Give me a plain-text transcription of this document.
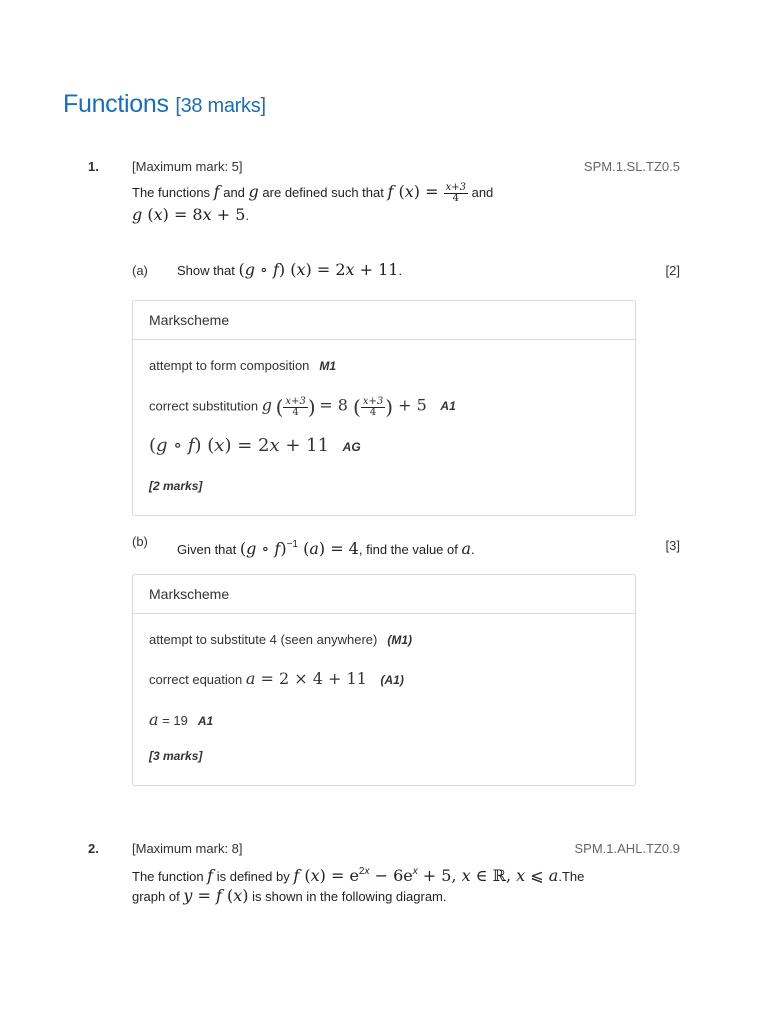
Functions [38 marks]
1.	[Maximum mark: 5]	SPM.1.SL.TZ0.5
The functions f and g are defined such that f $(x) = \frac{x+3}{4}$ and
g (x) = 8x + 5.
(a) Show that (g ∘ f) (x) = 2x + 11.	[2]
Markscheme
attempt to form composition M1
correct substitution g ( $\frac{x+3}{4}$ ) = 8 ( $\frac{x+3}{4}$ ) + 5 A1
(g ∘ f) (x) = 2x + 11 AG
[2 marks]
(b)
Given that (g ∘ f)$^{-1}$ (a) = 4, find the value of a.	[3]
Markscheme
attempt to substitute 4 (seen anywhere) (M1)
correct equation a = 2 × 4 + 11 (A1)
a = 19 A1
[3 marks]
2.	[Maximum mark: 8]	SPM.1.AHL.TZ0.9
The function f is defined by f $(x) = e^{2x} - 6e^x + 5$, x ∈ ℝ, x ⩽ a.The
graph of y = f (x) is shown in the following diagram.
